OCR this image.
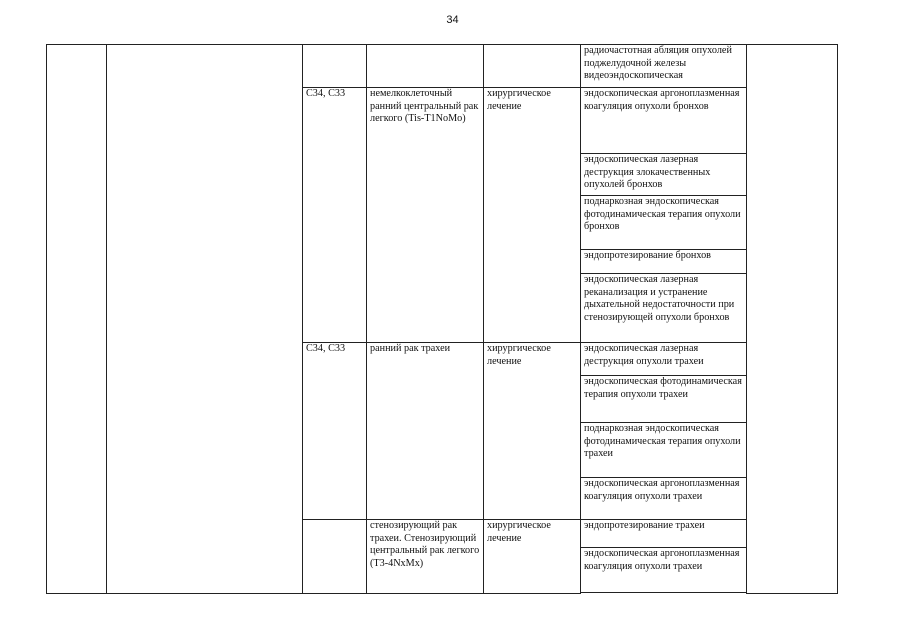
34
					радиочастотная абляция опухолей поджелудочной железы видеоэндоскопическая	
		C34, C33	немелкоклеточный ранний центральный рак легкого (Tis-T1NoMo)	хирургическое лечение	эндоскопическая аргоноплазменная коагуляция опухоли бронхов	
					эндоскопическая лазерная деструкция злокачественных опухолей бронхов	
					поднаркозная эндоскопическая фотодинамическая терапия опухоли бронхов	
					эндопротезирование бронхов	
					эндоскопическая лазерная реканализация и устранение дыхательной недостаточности при стенозирующей опухоли бронхов	
		C34, C33	ранний рак трахеи	хирургическое лечение	эндоскопическая лазерная деструкция опухоли трахеи	
					эндоскопическая фотодинамическая терапия опухоли трахеи	
					поднаркозная эндоскопическая фотодинамическая терапия опухоли трахеи	
					эндоскопическая аргоноплазменная коагуляция опухоли трахеи	
			стенозирующий рак трахеи. Стенозирующий центральный рак легкого (T3-4NxMx)	хирургическое лечение	эндопротезирование трахеи	
					эндоскопическая аргоноплазменная коагуляция опухоли трахеи	
